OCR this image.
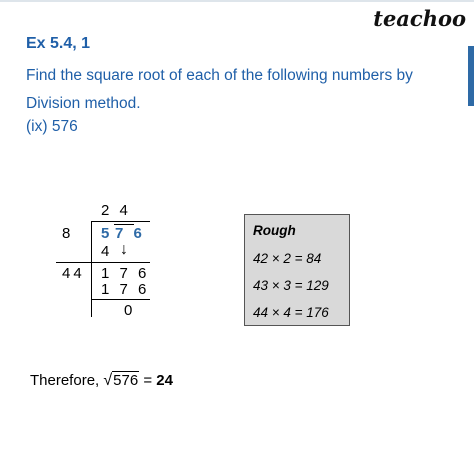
teachoo
Ex 5.4, 1
Find the square root of each of the following numbers by Division method.
(ix) 576
2 4
8 5 7 6
4 ↓
44 1 7 6
1 7 6
0
Rough
42 × 2 = 84
43 × 3 = 129
44 × 4 = 176
Therefore, √576 = 24
